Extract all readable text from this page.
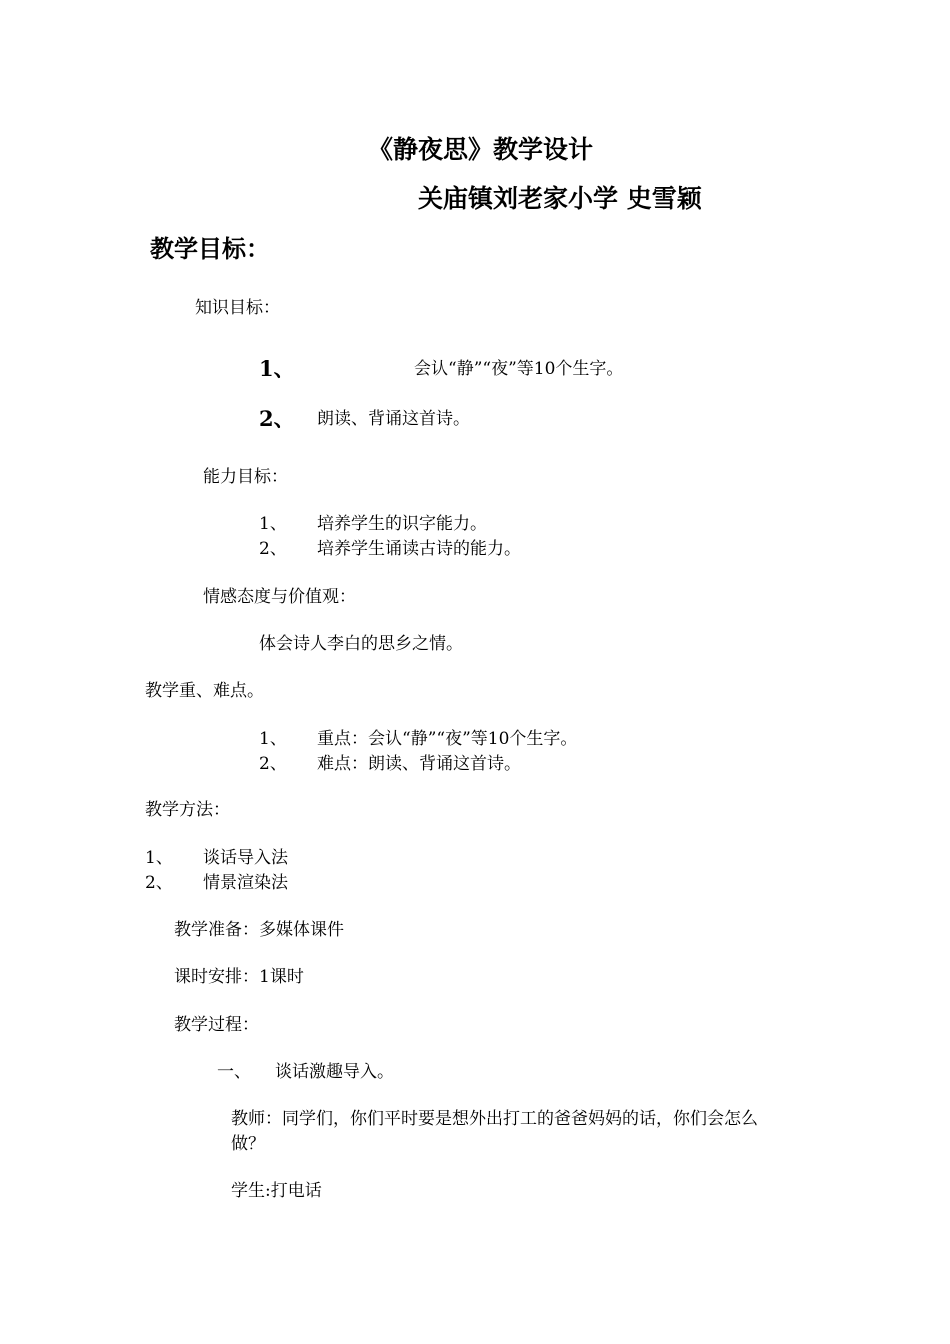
《静夜思》教学设计
关庙镇刘老家小学 史雪颖
教学目标：
知识目标：
1、	会认“静”“夜”等10个生字。
2、 朗读、背诵这首诗。
能力目标：
1、 培养学生的识字能力。
2、 培养学生诵读古诗的能力。
情感态度与价值观：
体会诗人李白的思乡之情。
教学重、难点。
1、 重点：会认“静”“夜”等10个生字。
2、 难点：朗读、背诵这首诗。
教学方法：
1、 谈话导入法
2、 情景渲染法
教学准备：多媒体课件
课时安排：1课时
教学过程：
一、 谈话激趣导入。
教师：同学们，你们平时要是想外出打工的爸爸妈妈的话，你们会怎么
做？
学生:打电话
